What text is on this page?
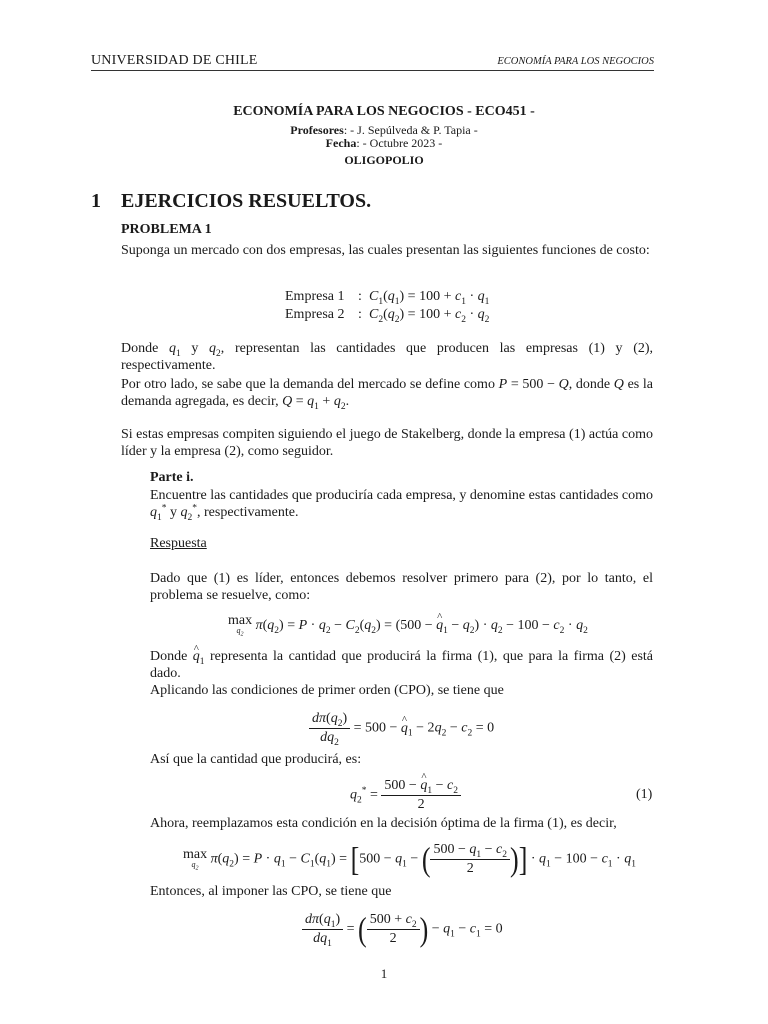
UNIVERSIDAD DE CHILE	ECONOMÍA PARA LOS NEGOCIOS
ECONOMÍA PARA LOS NEGOCIOS - ECO451 -
Profesores: - J. Sepúlveda & P. Tapia -
Fecha: - Octubre 2023 -
OLIGOPOLIO
1 EJERCICIOS RESUELTOS.
PROBLEMA 1
Suponga un mercado con dos empresas, las cuales presentan las siguientes funciones de costo:
Empresa 1 : $C_1(q_1) = 100 + c_1 \cdot q_1$
Empresa 2 : $C_2(q_2) = 100 + c_2 \cdot q_2$
Donde $q_1$ y $q_2$, representan las cantidades que producen las empresas (1) y (2), respectivamente.
Por otro lado, se sabe que la demanda del mercado se define como P = 500 − Q, donde Q es la demanda agregada, es decir, $Q = q_1 + q_2$.
Si estas empresas compiten siguiendo el juego de Stakelberg, donde la empresa (1) actúa como líder y la empresa (2), como seguidor.
Parte i.
Encuentre las cantidades que produciría cada empresa, y denomine estas cantidades como $q_1^*$ y $q_2^*$, respectivamente.
Respuesta
Dado que (1) es líder, entonces debemos resolver primero para (2), por lo tanto, el problema se resuelve, como:
max
$q_2$
$\pi(q_2) = P \cdot q_2 - C_2(q_2) = (500$ − ^ $q_1 - q_2) \cdot q_2 - 100 - c_2 \cdot q_2$
Donde ^ $q_1$ representa la cantidad que producirá la firma (1), que para la firma (2) está dado.
Aplicando las condiciones de primer orden (CPO), se tiene que
$\frac{d\pi(q_2)}{dq_2} = 500$ − ^ $q_1 - 2q_2 - c_2 = 0$
Así que la cantidad que producirá, es:
$q_2^* = \frac{500 - \^{} q_1 - c_2}{2}$	(1)
Ahora, reemplazamos esta condición en la decisión óptima de la firma (1), es decir,
max
$q_2$
$\pi(q_2) = P \cdot q_1 - C_1(q_1) = [500 - q_1$ − ( $\frac{500 - q_1 - c_2}{2}$ )] · $q_1 - 100 - c_1 \cdot q_1$
Entonces, al imponer las CPO, se tiene que
$\frac{d\pi(q_1)}{dq_1}$ = ( $\frac{500 + c_2}{2}$ ) − $q_1 - c_1 = 0$
1
